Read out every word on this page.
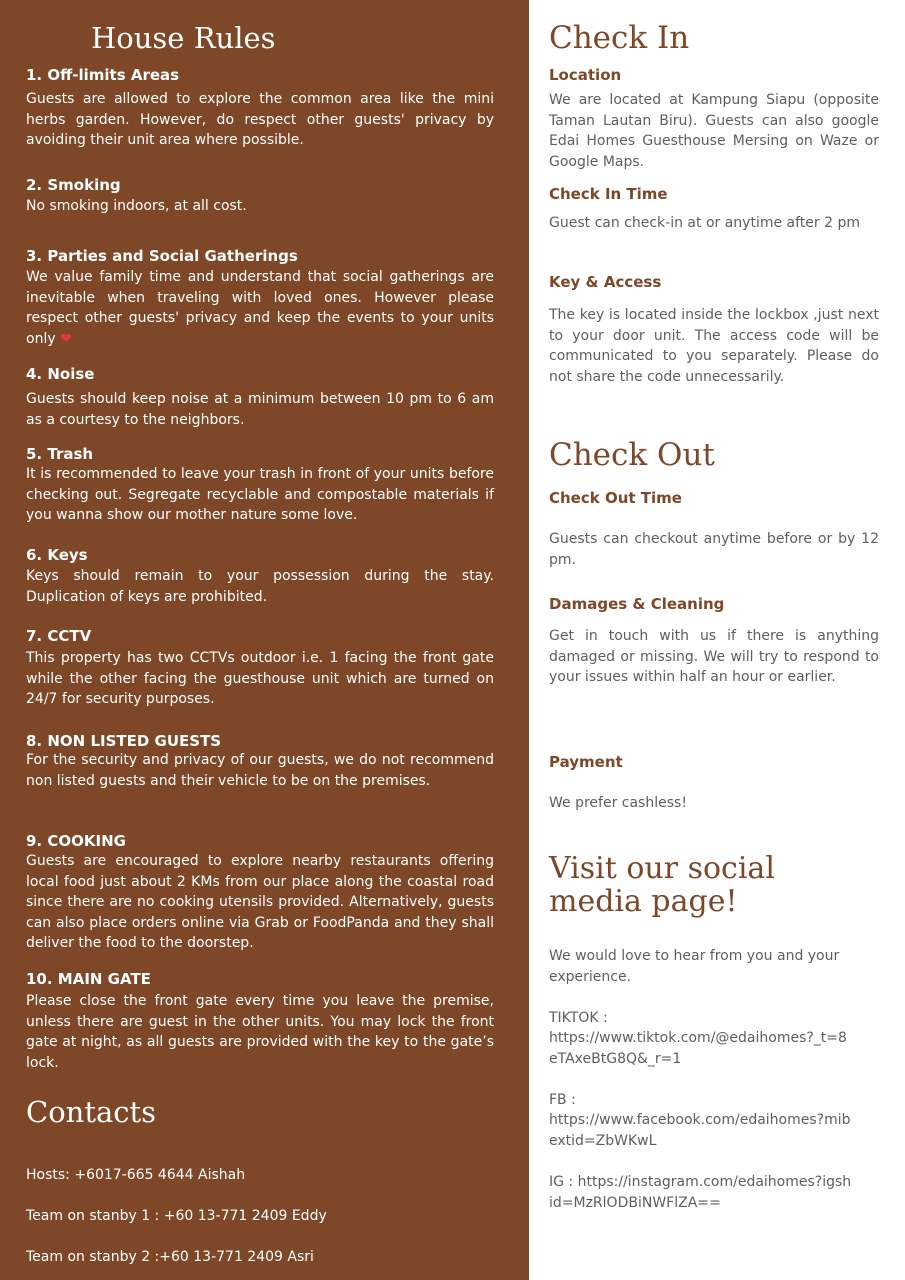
House Rules
1. Off-limits Areas
Guests are allowed to explore the common area like the mini herbs garden. However, do respect other guests' privacy by avoiding their unit area where possible.
2. Smoking
No smoking indoors, at all cost.
3. Parties and Social Gatherings
We value family time and understand that social gatherings are inevitable when traveling with loved ones. However please respect other guests' privacy and keep the events to your units only ❤
4. Noise
Guests should keep noise at a minimum between 10 pm to 6 am as a courtesy to the neighbors.
5. Trash
It is recommended to leave your trash in front of your units before checking out. Segregate recyclable and compostable materials if you wanna show our mother nature some love.
6. Keys
Keys should remain to your possession during the stay. Duplication of keys are prohibited.
7. CCTV
This property has two CCTVs outdoor i.e. 1 facing the front gate while the other facing the guesthouse unit which are turned on 24/7 for security purposes.
8. NON LISTED GUESTS
For the security and privacy of our guests, we do not recommend non listed guests and their vehicle to be on the premises.
9. COOKING
Guests are encouraged to explore nearby restaurants offering local food just about 2 KMs from our place along the coastal road since there are no cooking utensils provided. Alternatively, guests can also place orders online via Grab or FoodPanda and they shall deliver the food to the doorstep.
10. MAIN GATE
Please close the front gate every time you leave the premise, unless there are guest in the other units. You may lock the front gate at night, as all guests are provided with the key to the gate’s lock.
Contacts
Hosts: +6017-665 4644 Aishah
Team on stanby 1 : +60 13-771 2409 Eddy
Team on stanby 2 :+60 13-771 2409 Asri
Check In
Location
We are located at Kampung Siapu (opposite Taman Lautan Biru). Guests can also google Edai Homes Guesthouse Mersing on Waze or Google Maps.
Check In Time
Guest can check-in at or anytime after 2 pm
Key & Access
The key is located inside the lockbox ,just next to your door unit. The access code will be communicated to you separately. Please do not share the code unnecessarily.
Check Out
Check Out Time
Guests can checkout anytime before or by 12 pm.
Damages & Cleaning
Get in touch with us if there is anything damaged or missing. We will try to respond to your issues within half an hour or earlier.
Payment
We prefer cashless!
Visit our social media page!
We would love to hear from you and your experience.
TIKTOK :
https://www.tiktok.com/@edaihomes?_t=8eTAxeBtG8Q&_r=1
FB :
https://www.facebook.com/edaihomes?mibextid=ZbWKwL
IG : https://instagram.com/edaihomes?igshid=MzRlODBiNWFlZA==
